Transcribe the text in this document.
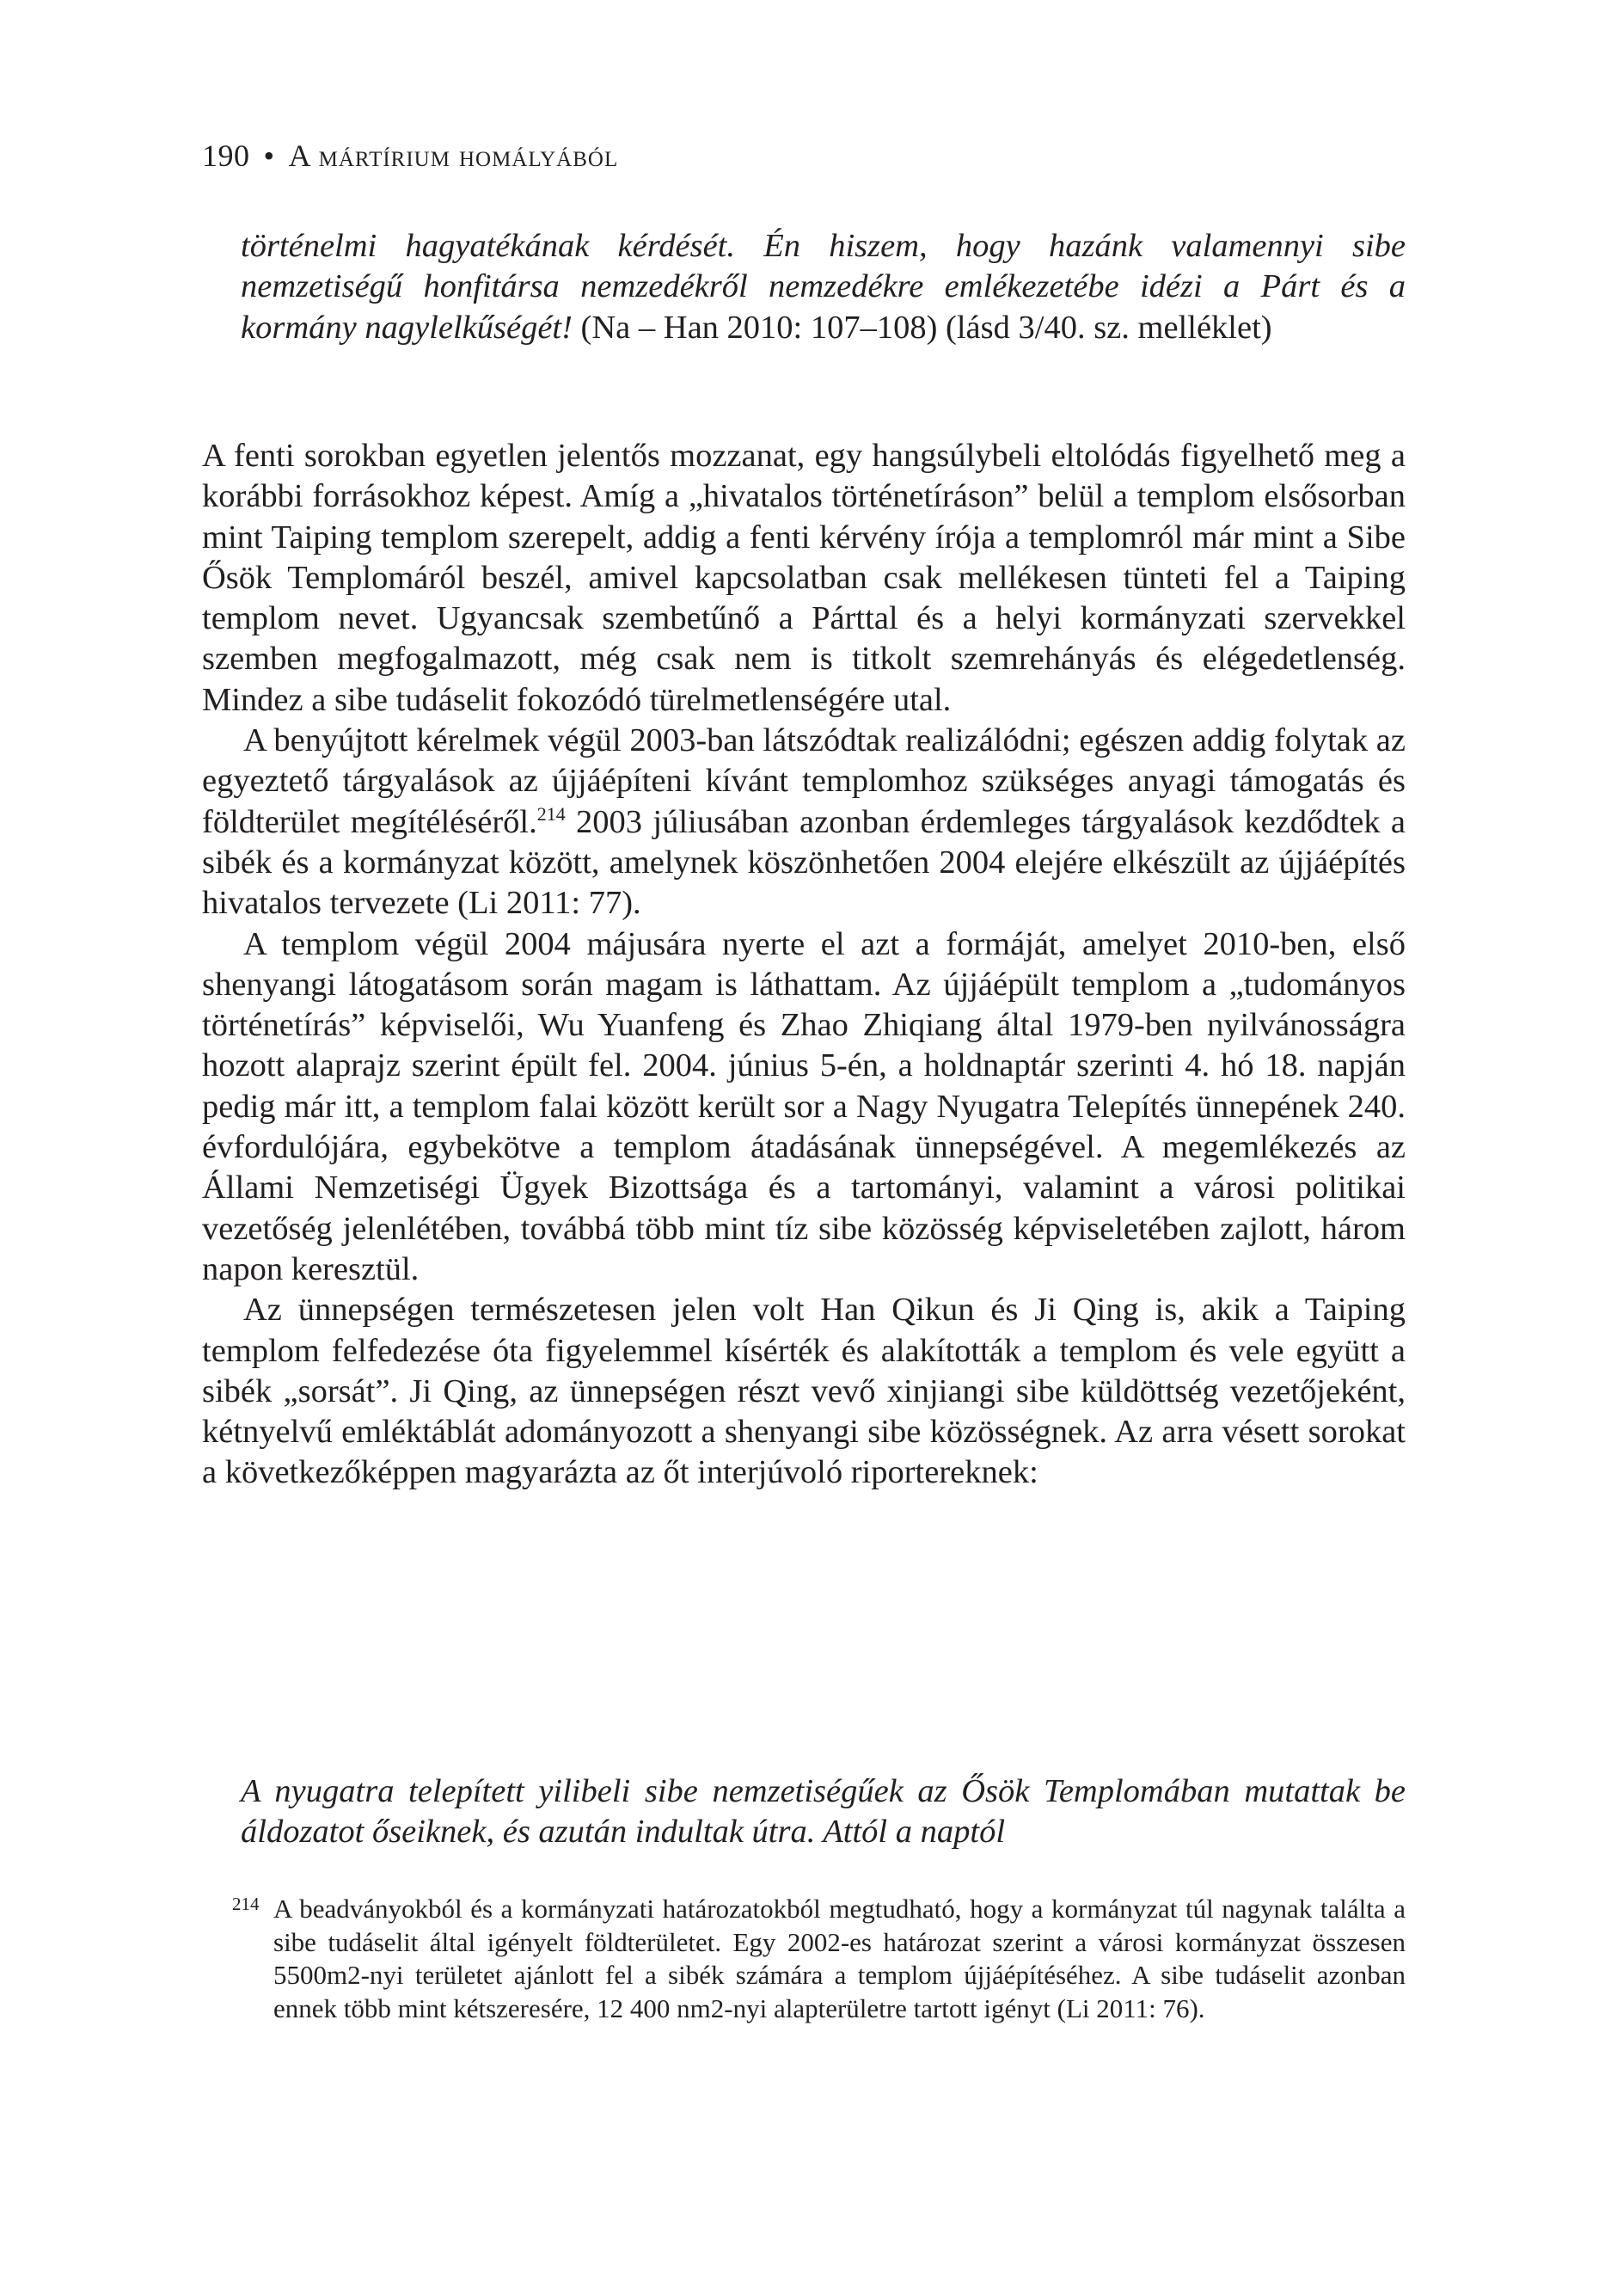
190 • A mártírium homályából

történelmi hagyatékának kérdését. Én hiszem, hogy hazánk valamennyi sibe nemzetiségű honfitársa nemzedékről nemzedékre emlékezetébe idézi a Párt és a kormány nagylelkűségét! (Na – Han 2010: 107–108) (lásd 3/40. sz. melléklet)

A fenti sorokban egyetlen jelentős mozzanat, egy hangsúlybeli eltolódás figyelhető meg a korábbi forrásokhoz képest. Amíg a „hivatalos történetíráson” belül a templom elsősorban mint Taiping templom szerepelt, addig a fenti kérvény írója a templomról már mint a Sibe Ősök Templomáról beszél, amivel kapcsolatban csak mellékesen tünteti fel a Taiping templom nevet. Ugyancsak szembetűnő a Párttal és a helyi kormányzati szervekkel szemben megfogalmazott, még csak nem is titkolt szemrehányás és elégedetlenség. Mindez a sibe tudáselit fokozódó türelmetlenségére utal.

A benyújtott kérelmek végül 2003-ban látszódtak realizálódni; egészen addig folytak az egyeztető tárgyalások az újjáépíteni kívánt templomhoz szükséges anyagi támogatás és földterület megítéléséről.$^{214}$ 2003 júliusában azonban érdemleges tárgyalások kezdődtek a sibék és a kormányzat között, amelynek köszönhetően 2004 elejére elkészült az újjáépítés hivatalos tervezete (Li 2011: 77).

A templom végül 2004 májusára nyerte el azt a formáját, amelyet 2010-ben, első shenyangi látogatásom során magam is láthattam. Az újjáépült templom a „tudományos történetírás” képviselői, Wu Yuanfeng és Zhao Zhiqiang által 1979-ben nyilvánosságra hozott alaprajz szerint épült fel. 2004. június 5-én, a holdnaptár szerinti 4. hó 18. napján pedig már itt, a templom falai között került sor a Nagy Nyugatra Telepítés ünnepének 240. évfordulójára, egybekötve a templom átadásának ünnepségével. A megemlékezés az Állami Nemzetiségi Ügyek Bizottsága és a tartományi, valamint a városi politikai vezetőség jelenlétében, továbbá több mint tíz sibe közösség képviseletében zajlott, három napon keresztül.

Az ünnepségen természetesen jelen volt Han Qikun és Ji Qing is, akik a Taiping templom felfedezése óta figyelemmel kísérték és alakították a templom és vele együtt a sibék „sorsát”. Ji Qing, az ünnepségen részt vevő xinjiangi sibe küldöttség vezetőjeként, kétnyelvű emléktáblát adományozott a shenyangi sibe közösségnek. Az arra vésett sorokat a következőképpen magyarázta az őt interjúvoló riportereknek:

A nyugatra telepített yilibeli sibe nemzetiségűek az Ősök Templomában mutattak be áldozatot őseiknek, és azután indultak útra. Attól a naptól

214 A beadványokból és a kormányzati határozatokból megtudható, hogy a kormányzat túl nagynak találta a sibe tudáselit által igényelt földterületet. Egy 2002-es határozat szerint a városi kormányzat összesen 5500m2-nyi területet ajánlott fel a sibék számára a templom újjáépítéséhez. A sibe tudáselit azonban ennek több mint kétszeresére, 12 400 nm2-nyi alapterületre tartott igényt (Li 2011: 76).
